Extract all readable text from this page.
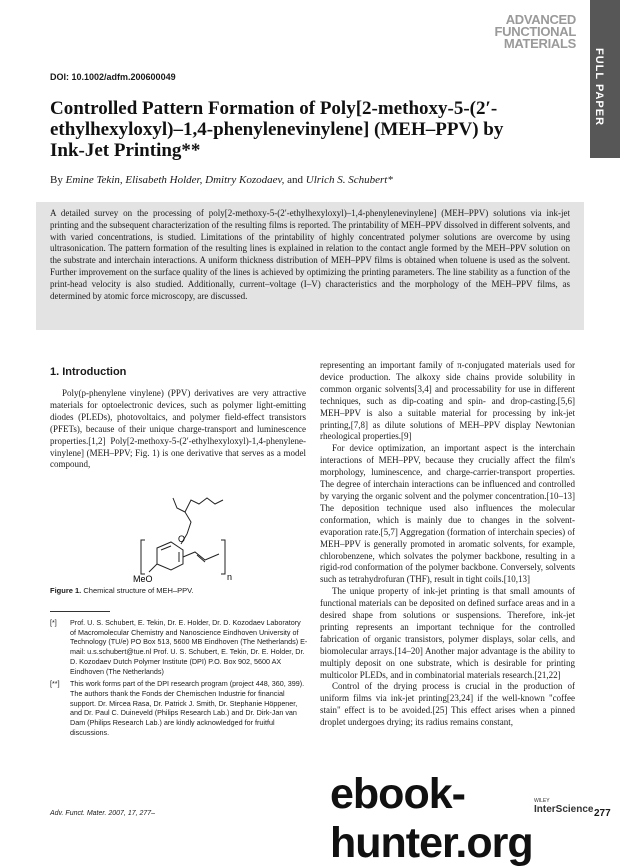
ADVANCED
FUNCTIONAL
MATERIALS
FULL PAPER
DOI: 10.1002/adfm.200600049
Controlled Pattern Formation of Poly[2-methoxy-5-(2′-ethylhexyloxyl)–1,4-phenylenevinylene] (MEH–PPV) by Ink-Jet Printing**
By Emine Tekin, Elisabeth Holder, Dmitry Kozodaev, and Ulrich S. Schubert*
A detailed survey on the processing of poly[2-methoxy-5-(2′-ethylhexyloxyl)–1,4-phenylenevinylene] (MEH–PPV) solutions via ink-jet printing and the subsequent characterization of the resulting films is reported. The printability of MEH–PPV dissolved in different solvents, and with varied concentrations, is studied. Limitations of the printability of highly concentrated polymer solutions are overcome by using ultrasonication. The pattern formation of the resulting lines is explained in relation to the contact angle formed by the MEH–PPV solution on the substrate and interchain interactions. A uniform thickness distribution of MEH–PPV films is obtained when toluene is used as the solvent. Further improvement on the surface quality of the lines is achieved by optimizing the printing parameters. The line stability as a function of the print-head velocity is also studied. Additionally, current–voltage (I–V) characteristics and the morphology of the MEH–PPV films, as determined by atomic force microscopy, are discussed.
1. Introduction

Poly(p-phenylene vinylene) (PPV) derivatives are very attractive materials for optoelectronic devices, such as polymer light-emitting diodes (PLEDs), photovoltaics, and polymer field-effect transistors (PFETs), because of their unique charge-transport and luminescence properties.[1,2] Poly[2-methoxy-5-(2′-ethylhexyloxyl)-1,4-phenylene-vinylene] (MEH–PPV; Fig. 1) is one derivative that serves as a model compound,

representing an important family of π-conjugated materials used for device production. The alkoxy side chains provide solubility in common organic solvents[3,4] and processability for use in different techniques, such as dip-coating and spin- and drop-casting.[5,6] MEH–PPV is also a suitable material for processing by ink-jet printing,[7,8] as dilute solutions of MEH–PPV display Newtonian rheological properties.[9]

For device optimization, an important aspect is the interchain interactions of MEH–PPV, because they crucially affect the film's morphology, luminescence, and charge-carrier-transport properties. The degree of interchain interactions can be influenced and controlled by varying the organic solvent and the polymer concentration.[10–13] The deposition technique used also influences the molecular conformation, which is mainly due to changes in the solvent-evaporation rate.[5,7] Aggregation (formation of interchain species) of MEH–PPV is generally promoted in aromatic solvents, for example, chlorobenzene, which solvates the polymer backbone, resulting in a rigid-rod conformation of the polymer backbone. Conversely, solvents such as tetrahydrofuran (THF), result in tight coils.[10,13]

The unique property of ink-jet printing is that small amounts of functional materials can be deposited on defined surface areas and in a desired shape from solutions or suspensions. Therefore, ink-jet printing represents an important technique for the controlled fabrication of organic transistors, polymer displays, solar cells, and biomolecular arrays.[14–20] Another major advantage is the ability to multiply deposit on one substrate, which is desirable for printing multicolor PLEDs, and in combinatorial materials research.[21,22]

Control of the drying process is crucial in the production of uniform films via ink-jet printing[23,24] if the well-known "coffee stain" effect is to be avoided.[25] This effect arises when a pinned droplet undergoes drying; its radius remains constant,

O
MeO	n
Figure 1. Chemical structure of MEH–PPV.
[*]	Prof. U. S. Schubert, E. Tekin, Dr. E. Holder, Dr. D. Kozodaev Laboratory of Macromolecular Chemistry and Nanoscience Eindhoven University of Technology (TU/e) PO Box 513, 5600 MB Eindhoven (The Netherlands) E-mail: u.s.schubert@tue.nl Prof. U. S. Schubert, E. Tekin, Dr. E. Holder, Dr. D. Kozodaev Dutch Polymer Institute (DPI) P.O. Box 902, 5600 AX Eindhoven (The Netherlands)
[**]	This work forms part of the DPI research program (project 448, 360, 399). The authors thank the Fonds der Chemischen Industrie for financial support. Dr. Mircea Rasa, Dr. Patrick J. Smith, Dr. Stephanie Höppener, and Dr. Paul C. Duineveld (Philips Research Lab.) and Dr. Dirk-Jan van Dam (Philips Research Lab.) are kindly acknowledged for fruitful discussions.
Adv. Funct. Mater. 2007, 17, 277–	ebook-hunter.org
WILEY
InterScience 277
